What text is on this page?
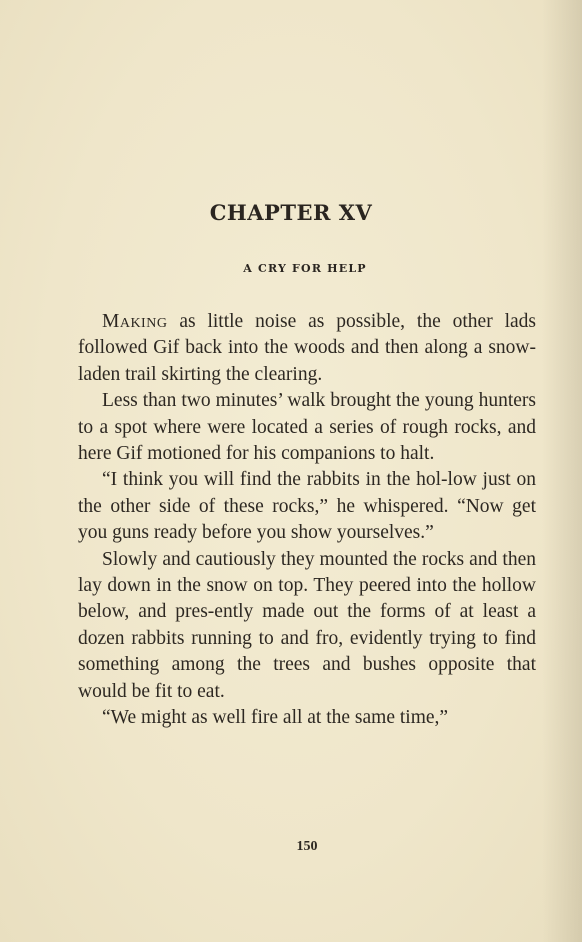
CHAPTER XV
A CRY FOR HELP

Making as little noise as possible, the other lads followed Gif back into the woods and then along a snow-laden trail skirting the clearing.

Less than two minutes’ walk brought the young hunters to a spot where were located a series of rough rocks, and here Gif motioned for his companions to halt.

“I think you will find the rabbits in the hol-low just on the other side of these rocks,” he whispered. “Now get you guns ready before you show yourselves.”

Slowly and cautiously they mounted the rocks and then lay down in the snow on top. They peered into the hollow below, and pres-ently made out the forms of at least a dozen rabbits running to and fro, evidently trying to find something among the trees and bushes opposite that would be fit to eat.

“We might as well fire all at the same time,”

150
